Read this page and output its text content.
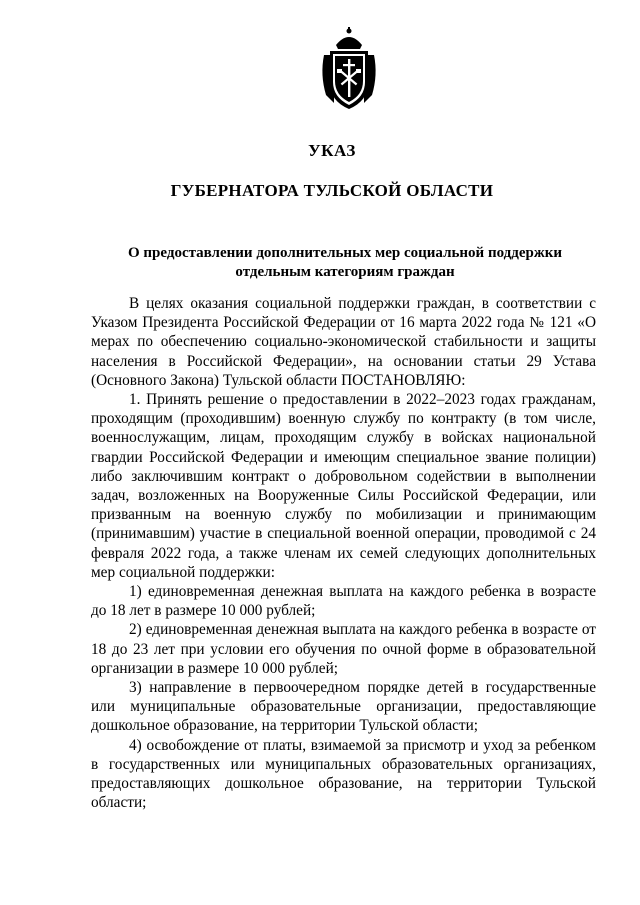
УКАЗ
ГУБЕРНАТОРА ТУЛЬСКОЙ ОБЛАСТИ
О предоставлении дополнительных мер социальной поддержки
отдельным категориям граждан

В целях оказания социальной поддержки граждан, в соответствии с Указом Президента Российской Федерации от 16 марта 2022 года № 121 «О мерах по обеспечению социально-экономической стабильности и защиты населения в Российской Федерации», на основании статьи 29 Устава (Основного Закона) Тульской области ПОСТАНОВЛЯЮ:

1. Принять решение о предоставлении в 2022–2023 годах гражданам, проходящим (проходившим) военную службу по контракту (в том числе, военнослужащим, лицам, проходящим службу в войсках национальной гвардии Российской Федерации и имеющим специальное звание полиции) либо заключившим контракт о добровольном содействии в выполнении задач, возложенных на Вооруженные Силы Российской Федерации, или призванным на военную службу по мобилизации и принимающим (принимавшим) участие в специальной военной операции, проводимой с 24 февраля 2022 года, а также членам их семей следующих дополнительных мер социальной поддержки:

1) единовременная денежная выплата на каждого ребенка в возрасте до 18 лет в размере 10 000 рублей;

2) единовременная денежная выплата на каждого ребенка в возрасте от 18 до 23 лет при условии его обучения по очной форме в образовательной организации в размере 10 000 рублей;

3) направление в первоочередном порядке детей в государственные или муниципальные образовательные организации, предоставляющие дошкольное образование, на территории Тульской области;

4) освобождение от платы, взимаемой за присмотр и уход за ребенком в государственных или муниципальных образовательных организациях, предоставляющих дошкольное образование, на территории Тульской области;
